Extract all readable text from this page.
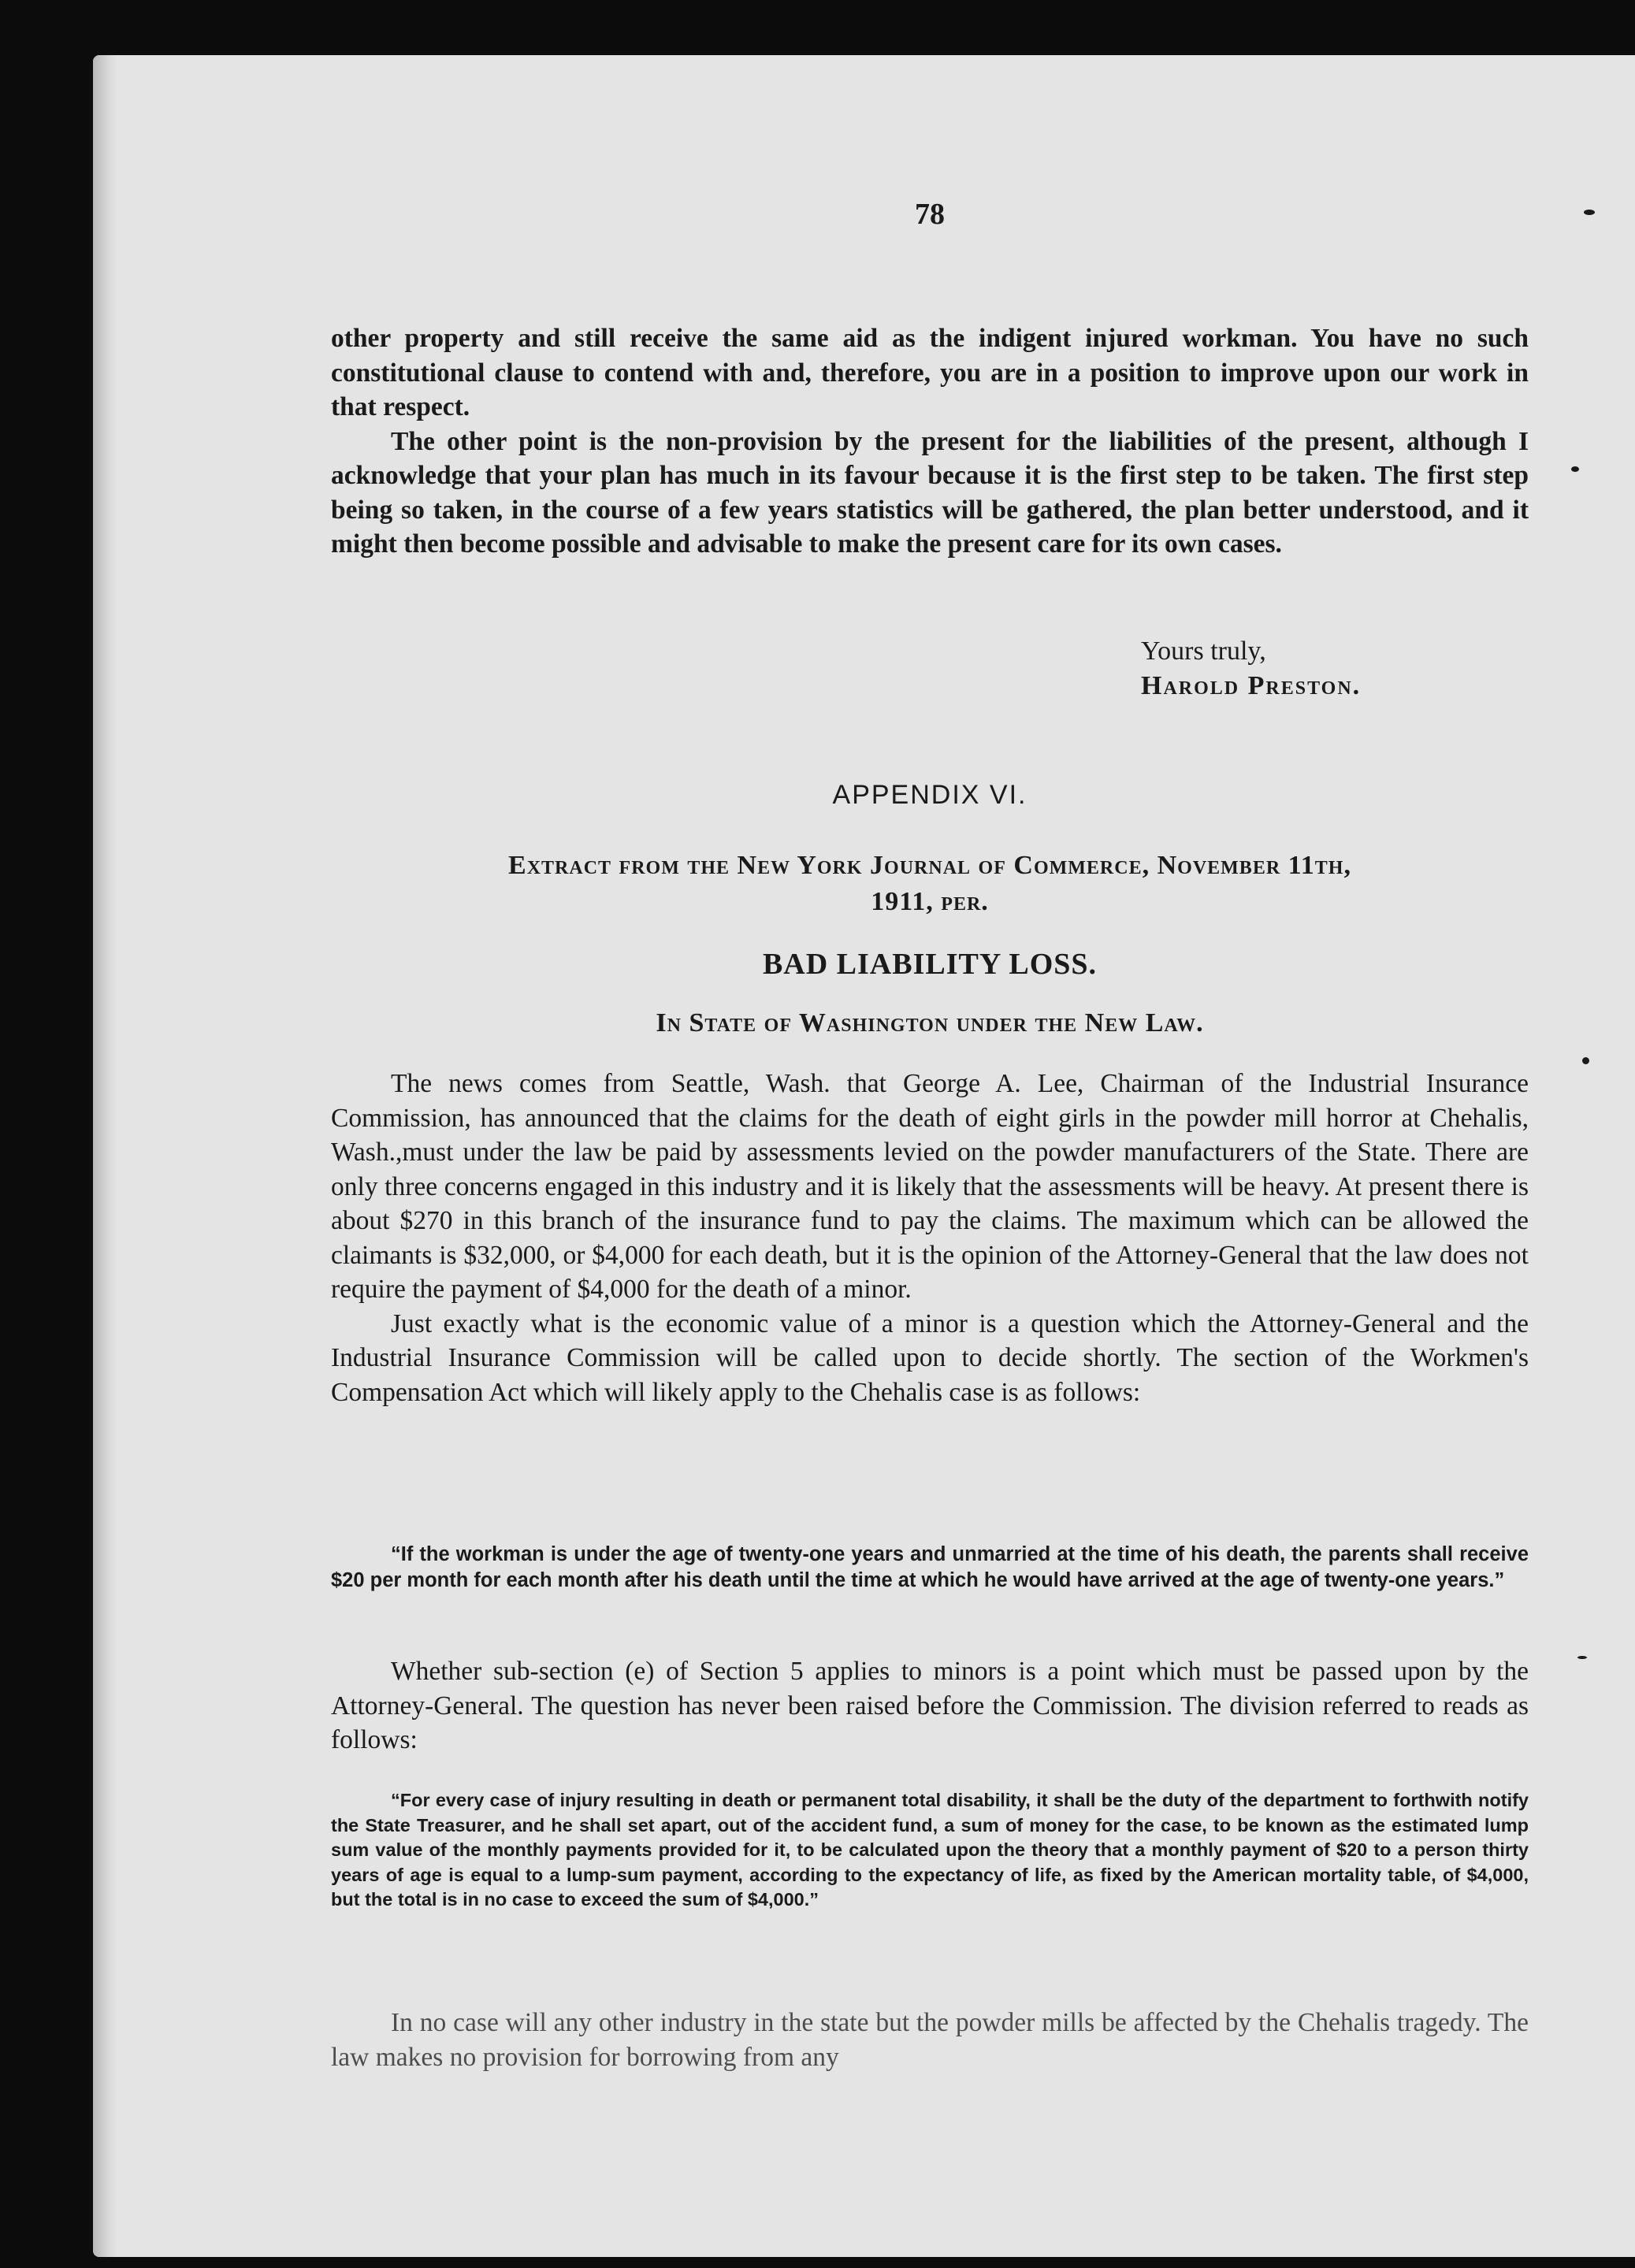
78

other property and still receive the same aid as the indigent injured workman. You have no such constitutional clause to contend with and, therefore, you are in a position to improve upon our work in that respect.

The other point is the non-provision by the present for the liabilities of the present, although I acknowledge that your plan has much in its favour because it is the first step to be taken. The first step being so taken, in the course of a few years statistics will be gathered, the plan better understood, and it might then become possible and advisable to make the present care for its own cases.

Yours truly,
Harold Preston.
APPENDIX VI.
Extract from the New York Journal of Commerce, November 11th,
1911, per.
BAD LIABILITY LOSS.
In State of Washington under the New Law.

The news comes from Seattle, Wash. that George A. Lee, Chairman of the Industrial Insurance Commission, has announced that the claims for the death of eight girls in the powder mill horror at Chehalis, Wash.,must under the law be paid by assessments levied on the powder manufacturers of the State. There are only three concerns engaged in this industry and it is likely that the assessments will be heavy. At present there is about $270 in this branch of the insurance fund to pay the claims. The maximum which can be allowed the claimants is $32,000, or $4,000 for each death, but it is the opinion of the Attorney-General that the law does not require the payment of $4,000 for the death of a minor.

Just exactly what is the economic value of a minor is a question which the Attorney-General and the Industrial Insurance Commission will be called upon to decide shortly. The section of the Workmen's Compensation Act which will likely apply to the Chehalis case is as follows:

“If the workman is under the age of twenty-one years and unmarried at the time of his death, the parents shall receive $20 per month for each month after his death until the time at which he would have arrived at the age of twenty-one years.”
Whether sub-section (e) of Section 5 applies to minors is a point which must be passed upon by the Attorney-General. The question has never been raised before the Commission. The division referred to reads as follows:
“For every case of injury resulting in death or permanent total disability, it shall be the duty of the department to forthwith notify the State Treasurer, and he shall set apart, out of the accident fund, a sum of money for the case, to be known as the estimated lump sum value of the monthly payments provided for it, to be calculated upon the theory that a monthly payment of $20 to a person thirty years of age is equal to a lump-sum payment, according to the expectancy of life, as fixed by the American mortality table, of $4,000, but the total is in no case to exceed the sum of $4,000.”
In no case will any other industry in the state but the powder mills be affected by the Chehalis tragedy. The law makes no provision for borrowing from any
